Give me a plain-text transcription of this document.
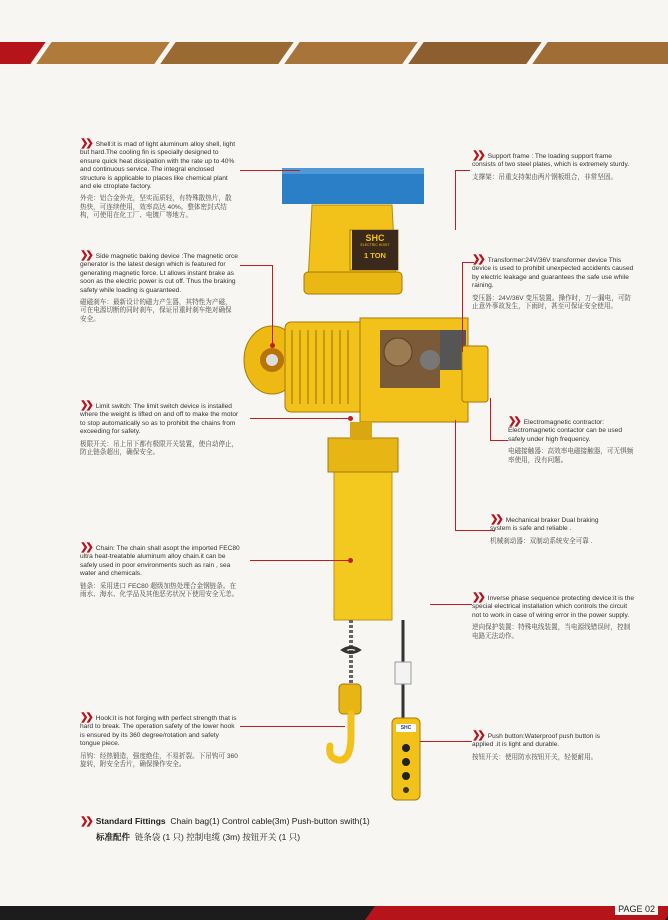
SHC
ELECTRIC HOIST
1 TON
SHC
❯❯ Shell:it is mad of light aluminum alloy shell, light but hard.The cooling fin is specially designed to ensure quick heat dissipation with the rate up to 40% and continuous service. The integral enclosed structure is applicable to places like chemical plant and ele ctroplate factory.
外壳：铝合金外壳，坚实而质轻，有特殊散热片，散热快，可连续使用，效率高达 40%。整体密封式结构，可使用在化工厂、电镀厂等地方。
❯❯ Side magnetic baking device :The magnetic orce generator is the latest design which is featured for generating magnetic force. Lt allows instant brake as soon as the electric power is cut off. Thus the braking safety while loading is guaranteed.
磁磁刹车：最新设计的磁力产生器，其特性为产磁，可在电源切断的同时刹车，保证吊重时刹车绝对确保安全。
❯❯ Limit switch: The limit switch device is installed where the weight is lifted on and off to make the motor to stop automatically so as to prohibit the chains from exceeding for safety.
极限开关：吊上吊下都有极限开关装置，使自动停止，防止链条超出，确保安全。
❯❯ Chain: The chain shall asopt the imported FEC80 ultra heat-treatable aluminum alloy chain.it can be safely used in poor environments such as rain , sea water and chemicals.
链条：采用进口 FEC80 超级加热处理合金钢链条。在雨水、海水、化学品及其他恶劣状况下使用安全无恙。
❯❯ Hook:it is hot forging with perfect strength that is hard to break. The operation safety of the lower hook is ensured by its 360 degree/rotation and safety tongue piece.
吊钩：经热锻造，强度绝佳，不易折裂。下吊钩可 360 旋转，附安全舌片，确保操作安全。
❯❯ Support frame : The loading support frame consists of two steel plates, which is extremely sturdy.
支撑架：吊重支持架由两片钢板组合，非常坚固。
❯❯ Transformer:24V/36V transformer device This device is used to prohibit unexpected accidents caused by electric leakage and guarantees the safe use while raining.
变压器：24V/36V 变压装置。操作时，万一漏电，可防止意外事故发生，下雨时，甚至可保证安全使用。
❯❯ Electromagnetic contractor: Electromagnetic contactor can be used safely under high frequency.
电磁接触器：高效率电磁接触器，可无惧频率使用，没有问题。
❯❯ Mechanical braker Dual braking system is safe and reliable .
机械刹动器：双制动系统安全可靠 .
❯❯ Inverse phase sequence protecting device:it is the special electrical installation which controls the circuit not to work in case of wiring error in the power supply.
逆向保护装置：特殊电线装置，当电源线错误时，控制电路无法动作。
❯❯ Push button:Waterproof push button is applied .it is light and durable.
按钮开关：使用防水按钮开关，轻便耐用。
❯❯ Standard Fittings Chain bag(1) Control cable(3m) Push-button swith(1)
标准配件 链条袋 (1 只) 控制电缆 (3m) 按钮开关 (1 只)
PAGE 02
